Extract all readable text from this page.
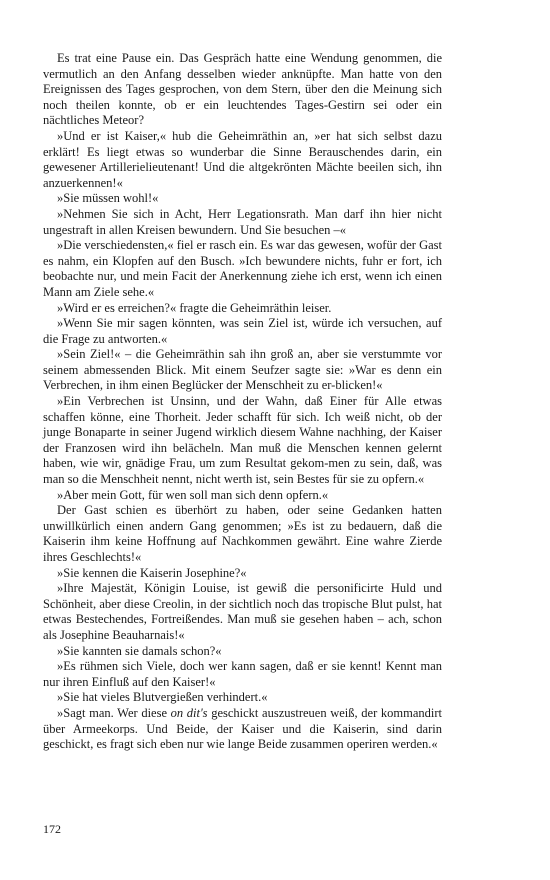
Es trat eine Pause ein. Das Gespräch hatte eine Wendung genommen, die vermutlich an den Anfang desselben wieder anknüpfte. Man hatte von den Ereignissen des Tages gesprochen, von dem Stern, über den die Meinung sich noch theilen konnte, ob er ein leuchtendes Tages-Gestirn sei oder ein nächtliches Meteor?

»Und er ist Kaiser,« hub die Geheimräthin an, »er hat sich selbst dazu erklärt! Es liegt etwas so wunderbar die Sinne Berauschendes darin, ein gewesener Artillerielieutenant! Und die altgekrönten Mächte beeilen sich, ihn anzuerkennen!«

»Sie müssen wohl!«

»Nehmen Sie sich in Acht, Herr Legationsrath. Man darf ihn hier nicht ungestraft in allen Kreisen bewundern. Und Sie besuchen –«

»Die verschiedensten,« fiel er rasch ein. Es war das gewesen, wofür der Gast es nahm, ein Klopfen auf den Busch. »Ich bewundere nichts, fuhr er fort, ich beobachte nur, und mein Facit der Anerkennung ziehe ich erst, wenn ich einen Mann am Ziele sehe.«

»Wird er es erreichen?« fragte die Geheimräthin leiser.

»Wenn Sie mir sagen könnten, was sein Ziel ist, würde ich versuchen, auf die Frage zu antworten.«

»Sein Ziel!« – die Geheimräthin sah ihn groß an, aber sie verstummte vor seinem abmessenden Blick. Mit einem Seufzer sagte sie: »War es denn ein Verbrechen, in ihm einen Beglücker der Menschheit zu er-blicken!«

»Ein Verbrechen ist Unsinn, und der Wahn, daß Einer für Alle etwas schaffen könne, eine Thorheit. Jeder schafft für sich. Ich weiß nicht, ob der junge Bonaparte in seiner Jugend wirklich diesem Wahne nachhing, der Kaiser der Franzosen wird ihn belächeln. Man muß die Menschen kennen gelernt haben, wie wir, gnädige Frau, um zum Resultat gekom-men zu sein, daß, was man so die Menschheit nennt, nicht werth ist, sein Bestes für sie zu opfern.«

»Aber mein Gott, für wen soll man sich denn opfern.«

Der Gast schien es überhört zu haben, oder seine Gedanken hatten unwillkürlich einen andern Gang genommen; »Es ist zu bedauern, daß die Kaiserin ihm keine Hoffnung auf Nachkommen gewährt. Eine wahre Zierde ihres Geschlechts!«

»Sie kennen die Kaiserin Josephine?«

»Ihre Majestät, Königin Louise, ist gewiß die personificirte Huld und Schönheit, aber diese Creolin, in der sichtlich noch das tropische Blut pulst, hat etwas Bestechendes, Fortreißendes. Man muß sie gesehen haben – ach, schon als Josephine Beauharnais!«

»Sie kannten sie damals schon?«

»Es rühmen sich Viele, doch wer kann sagen, daß er sie kennt! Kennt man nur ihren Einfluß auf den Kaiser!«

»Sie hat vieles Blutvergießen verhindert.«

»Sagt man. Wer diese on dit's geschickt auszustreuen weiß, der kommandirt über Armeekorps. Und Beide, der Kaiser und die Kaiserin, sind darin geschickt, es fragt sich eben nur wie lange Beide zusammen operiren werden.«

172
